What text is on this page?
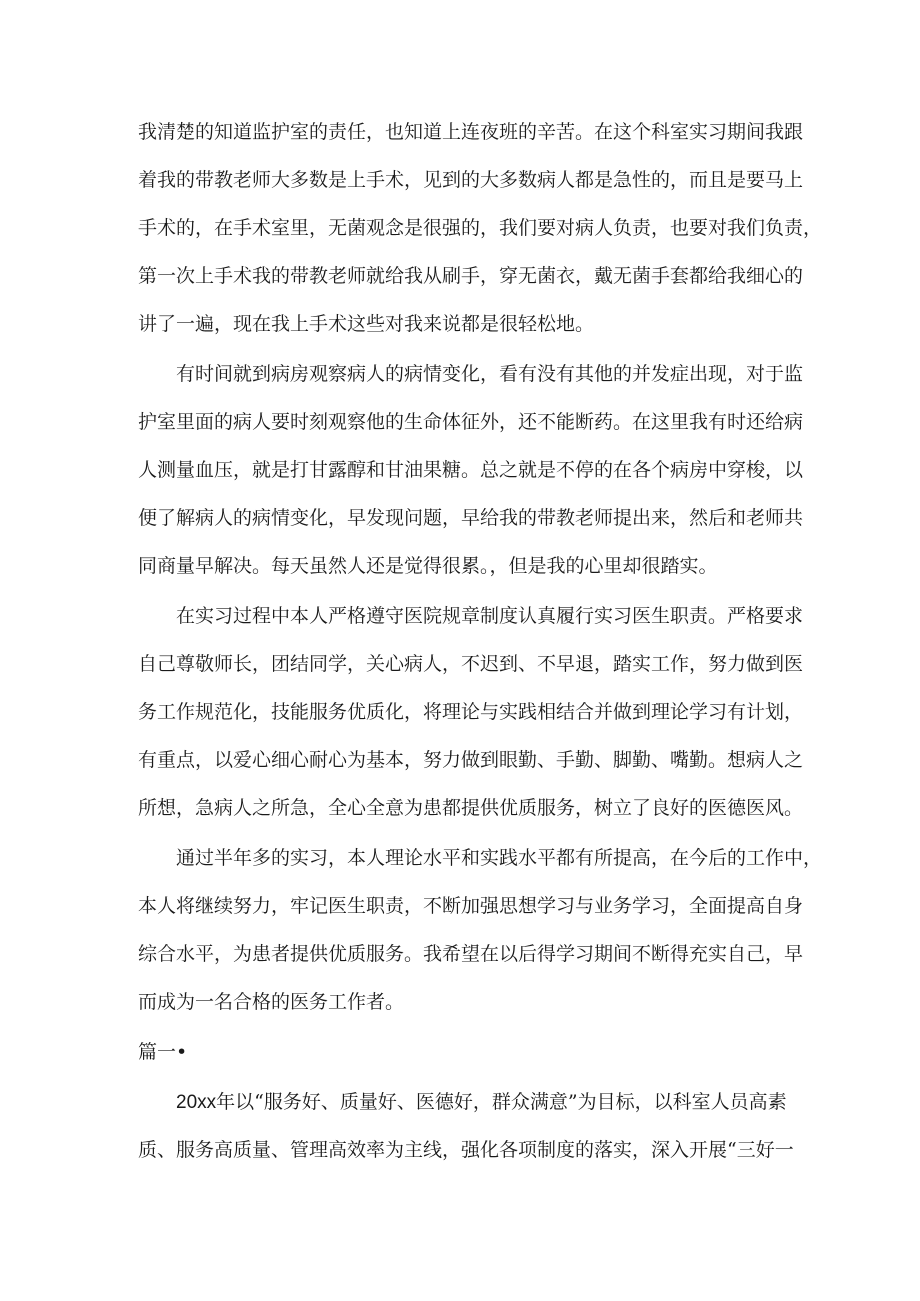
我清楚的知道监护室的责任，也知道上连夜班的辛苦。在这个科室实习期间我跟
着我的带教老师大多数是上手术，见到的大多数病人都是急性的，而且是要马上
手术的，在手术室里，无菌观念是很强的，我们要对病人负责，也要对我们负责，
第一次上手术我的带教老师就给我从刷手，穿无菌衣，戴无菌手套都给我细心的
讲了一遍，现在我上手术这些对我来说都是很轻松地。
有时间就到病房观察病人的病情变化，看有没有其他的并发症出现，对于监
护室里面的病人要时刻观察他的生命体征外，还不能断药。在这里我有时还给病
人测量血压，就是打甘露醇和甘油果糖。总之就是不停的在各个病房中穿梭，以
便了解病人的病情变化，早发现问题，早给我的带教老师提出来，然后和老师共
同商量早解决。每天虽然人还是觉得很累。，但是我的心里却很踏实。
在实习过程中本人严格遵守医院规章制度认真履行实习医生职责。严格要求
自己尊敬师长，团结同学，关心病人，不迟到、不早退，踏实工作，努力做到医
务工作规范化，技能服务优质化，将理论与实践相结合并做到理论学习有计划，
有重点，以爱心细心耐心为基本，努力做到眼勤、手勤、脚勤、嘴勤。想病人之
所想，急病人之所急，全心全意为患都提供优质服务，树立了良好的医德医风。
通过半年多的实习，本人理论水平和实践水平都有所提高，在今后的工作中，
本人将继续努力，牢记医生职责，不断加强思想学习与业务学习，全面提高自身
综合水平，为患者提供优质服务。我希望在以后得学习期间不断得充实自己，早
而成为一名合格的医务工作者。
篇一•
20xx年以“服务好、质量好、医德好，群众满意”为目标，以科室人员高素
质、服务高质量、管理高效率为主线，强化各项制度的落实，深入开展“三好一
